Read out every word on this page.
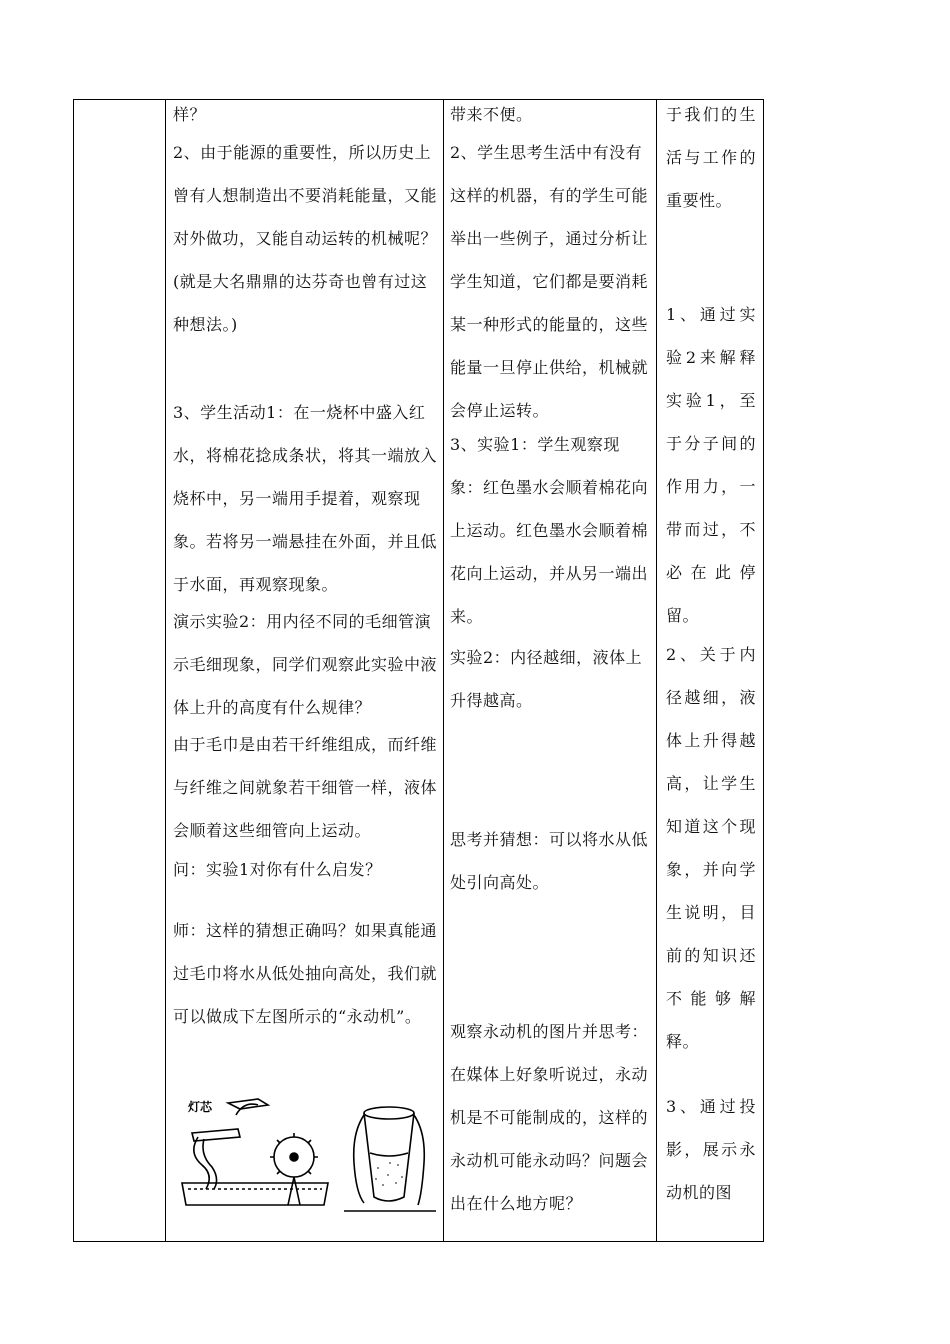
样？

2、由于能源的重要性，所以历史上曾有人想制造出不要消耗能量，又能对外做功，又能自动运转的机械呢？(就是大名鼎鼎的达芬奇也曾有过这种想法。)

3、学生活动1：在一烧杯中盛入红水，将棉花捻成条状，将其一端放入烧杯中，另一端用手提着，观察现象。若将另一端悬挂在外面，并且低于水面，再观察现象。

演示实验2：用内径不同的毛细管演示毛细现象，同学们观察此实验中液体上升的高度有什么规律？

由于毛巾是由若干纤维组成，而纤维与纤维之间就象若干细管一样，液体会顺着这些细管向上运动。

问：实验1对你有什么启发？

师：这样的猜想正确吗？如果真能通过毛巾将水从低处抽向高处，我们就可以做成下左图所示的“永动机”。

灯芯

带来不便。

2、学生思考生活中有没有这样的机器，有的学生可能举出一些例子，通过分析让学生知道，它们都是要消耗某一种形式的能量的，这些能量一旦停止供给，机械就会停止运转。

3、实验1：学生观察现象：红色墨水会顺着棉花向上运动。红色墨水会顺着棉花向上运动，并从另一端出来。

实验2：内径越细，液体上升得越高。

思考并猜想：可以将水从低处引向高处。

观察永动机的图片并思考：在媒体上好象听说过，永动机是不可能制成的，这样的永动机可能永动吗？问题会出在什么地方呢？

于我们的生活与工作的重要性。

1、通过实验2来解释实验1，至于分子间的作用力，一带而过，不必在此停留。

2、关于内径越细，液体上升得越高，让学生知道这个现象，并向学生说明，目前的知识还不能够解释。

3、通过投影，展示永动机的图
